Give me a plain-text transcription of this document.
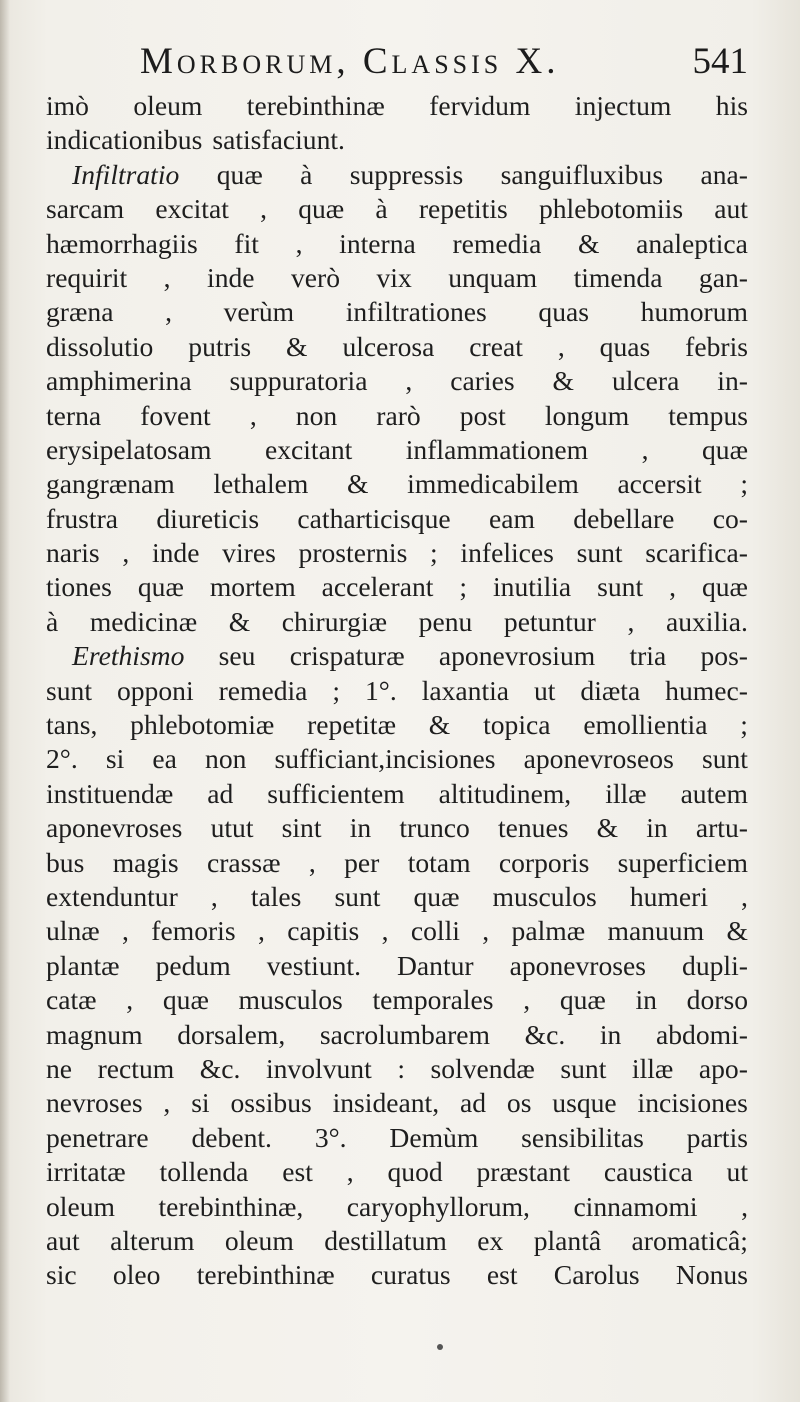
Morborum, Classis X.	541
imò oleum terebinthinæ fervidum injectum his
indicationibus satisfaciunt.
Infiltratio quæ à suppressis sanguifluxibus ana-
sarcam excitat , quæ à repetitis phlebotomiis aut
hæmorrhagiis fit , interna remedia & analeptica
requirit , inde verò vix unquam timenda gan-
græna , verùm infiltrationes quas humorum
dissolutio putris & ulcerosa creat , quas febris
amphimerina suppuratoria , caries & ulcera in-
terna fovent , non rarò post longum tempus
erysipelatosam excitant inflammationem , quæ
gangrænam lethalem & immedicabilem accersit ;
frustra diureticis catharticisque eam debellare co-
naris , inde vires prosternis ; infelices sunt scarifica-
tiones quæ mortem accelerant ; inutilia sunt , quæ
à medicinæ & chirurgiæ penu petuntur , auxilia.
Erethismo seu crispaturæ aponevrosium tria pos-
sunt opponi remedia ; 1°. laxantia ut diæta humec-
tans, phlebotomiæ repetitæ & topica emollientia ;
2°. si ea non sufficiant,incisiones aponevroseos sunt
instituendæ ad sufficientem altitudinem, illæ autem
aponevroses utut sint in trunco tenues & in artu-
bus magis crassæ , per totam corporis superficiem
extenduntur , tales sunt quæ musculos humeri ,
ulnæ , femoris , capitis , colli , palmæ manuum &
plantæ pedum vestiunt. Dantur aponevroses dupli-
catæ , quæ musculos temporales , quæ in dorso
magnum dorsalem, sacrolumbarem &c. in abdomi-
ne rectum &c. involvunt : solvendæ sunt illæ apo-
nevroses , si ossibus insideant, ad os usque incisiones
penetrare debent. 3°. Demùm sensibilitas partis
irritatæ tollenda est , quod præstant caustica ut
oleum terebinthinæ, caryophyllorum, cinnamomi ,
aut alterum oleum destillatum ex plantâ aromaticâ;
sic oleo terebinthinæ curatus est Carolus Nonus
